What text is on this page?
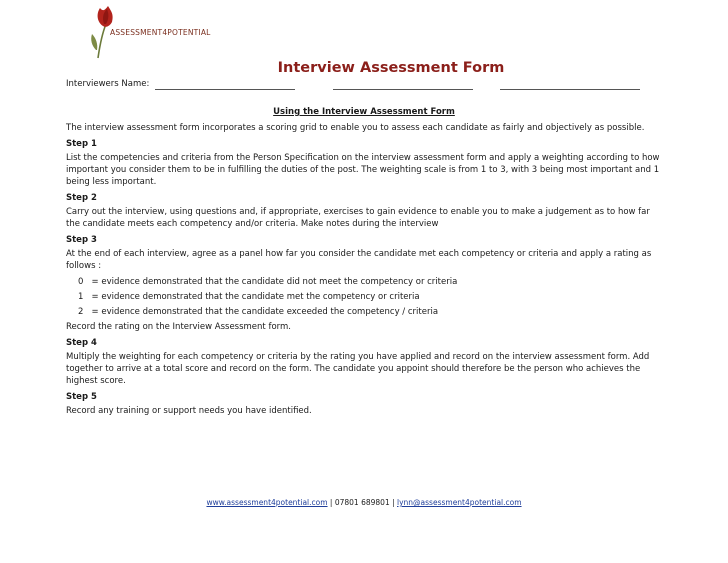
ASSESSMENT4POTENTIAL
Interview Assessment Form
Interviewers Name:
Using the Interview Assessment Form

The interview assessment form incorporates a scoring grid to enable you to assess each candidate as fairly and objectively as possible.

Step 1

List the competencies and criteria from the Person Specification on the interview assessment form and apply a weighting according to how important you consider them to be in fulfilling the duties of the post. The weighting scale is from 1 to 3, with 3 being most important and 1 being less important.

Step 2

Carry out the interview, using questions and, if appropriate, exercises to gain evidence to enable you to make a judgement as to how far the candidate meets each competency and/or criteria. Make notes during the interview

Step 3

At the end of each interview, agree as a panel how far you consider the candidate met each competency or criteria and apply a rating as follows :

0   = evidence demonstrated that the candidate did not meet the competency or criteria

1   = evidence demonstrated that the candidate met the competency or criteria

2   = evidence demonstrated that the candidate exceeded the competency / criteria

Record the rating on the Interview Assessment form.

Step 4

Multiply the weighting for each competency or criteria by the rating you have applied and record on the interview assessment form. Add together to arrive at a total score and record on the form. The candidate you appoint should therefore be the person who achieves the highest score.

Step 5

Record any training or support needs you have identified.

www.assessment4potential.com | 07801 689801 | lynn@assessment4potential.com
